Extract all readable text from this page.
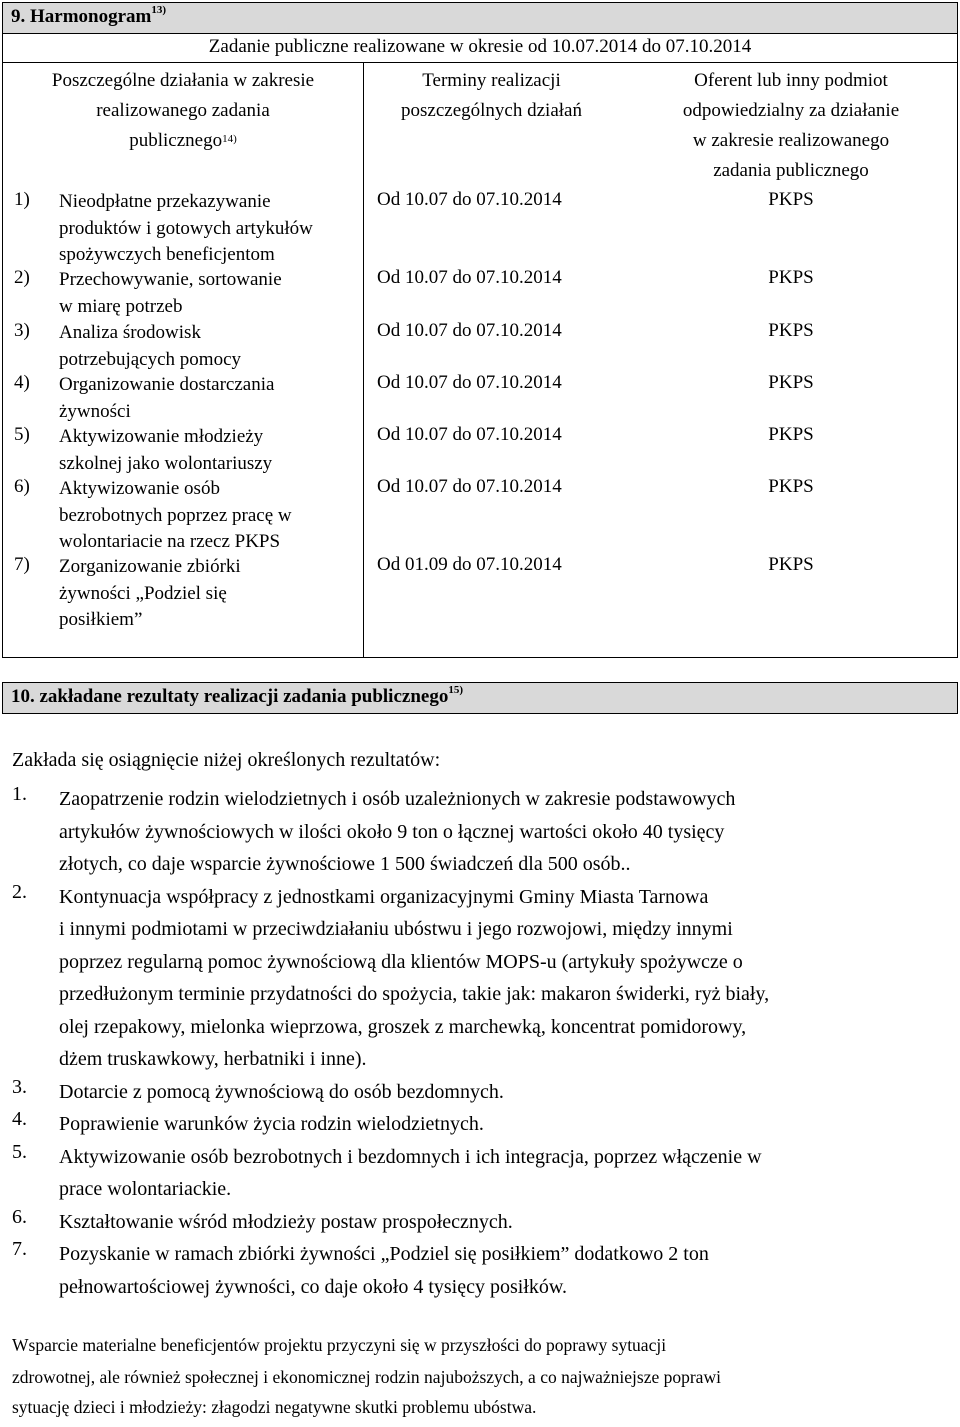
9. Harmonogram$^{13)}$
Zadanie publiczne realizowane w okresie od 10.07.2014 do 07.10.2014
Poszczególne działania w zakresie
realizowanego zadania
publicznego$^{14)}$
Terminy realizacji
poszczególnych działań
Oferent lub inny podmiot
odpowiedzialny za działanie
w zakresie realizowanego
zadania publicznego
1) Nieodpłatne przekazywanie
produktów i gotowych artykułów
spożywczych beneficjentom
Od 10.07 do 07.10.2014	PKPS
2) Przechowywanie, sortowanie
w miarę potrzeb
Od 10.07 do 07.10.2014	PKPS
3) Analiza środowisk
potrzebujących pomocy
Od 10.07 do 07.10.2014	PKPS
4) Organizowanie dostarczania
żywności
Od 10.07 do 07.10.2014	PKPS
5) Aktywizowanie młodzieży
szkolnej jako wolontariuszy
Od 10.07 do 07.10.2014	PKPS
6) Aktywizowanie osób
bezrobotnych poprzez pracę w
wolontariacie na rzecz PKPS
Od 10.07 do 07.10.2014	PKPS
7) Zorganizowanie zbiórki
żywności „Podziel się
posiłkiem”
Od 01.09 do 07.10.2014	PKPS
10. zakładane rezultaty realizacji zadania publicznego$^{15)}$
Zakłada się osiągnięcie niżej określonych rezultatów:
1. Zaopatrzenie rodzin wielodzietnych i osób uzależnionych w zakresie podstawowych
artykułów żywnościowych w ilości około 9 ton o łącznej wartości około 40 tysięcy
złotych, co daje wsparcie żywnościowe 1 500 świadczeń dla 500 osób..
2. Kontynuacja współpracy z jednostkami organizacyjnymi Gminy Miasta Tarnowa
i innymi podmiotami w przeciwdziałaniu ubóstwu i jego rozwojowi, między innymi
poprzez regularną pomoc żywnościową dla klientów MOPS-u (artykuły spożywcze o
przedłużonym terminie przydatności do spożycia, takie jak: makaron świderki, ryż biały,
olej rzepakowy, mielonka wieprzowa, groszek z marchewką, koncentrat pomidorowy,
dżem truskawkowy, herbatniki i inne).
3. Dotarcie z pomocą żywnościową do osób bezdomnych.
4. Poprawienie warunków życia rodzin wielodzietnych.
5. Aktywizowanie osób bezrobotnych i bezdomnych i ich integracja, poprzez włączenie w
prace wolontariackie.
6. Kształtowanie wśród młodzieży postaw prospołecznych.
7. Pozyskanie w ramach zbiórki żywności „Podziel się posiłkiem” dodatkowo 2 ton
pełnowartościowej żywności, co daje około 4 tysięcy posiłków.
Wsparcie materialne beneficjentów projektu przyczyni się w przyszłości do poprawy sytuacji
zdrowotnej, ale również społecznej i ekonomicznej rodzin najuboższych, a co najważniejsze poprawi
sytuację dzieci i młodzieży: złagodzi negatywne skutki problemu ubóstwa.
